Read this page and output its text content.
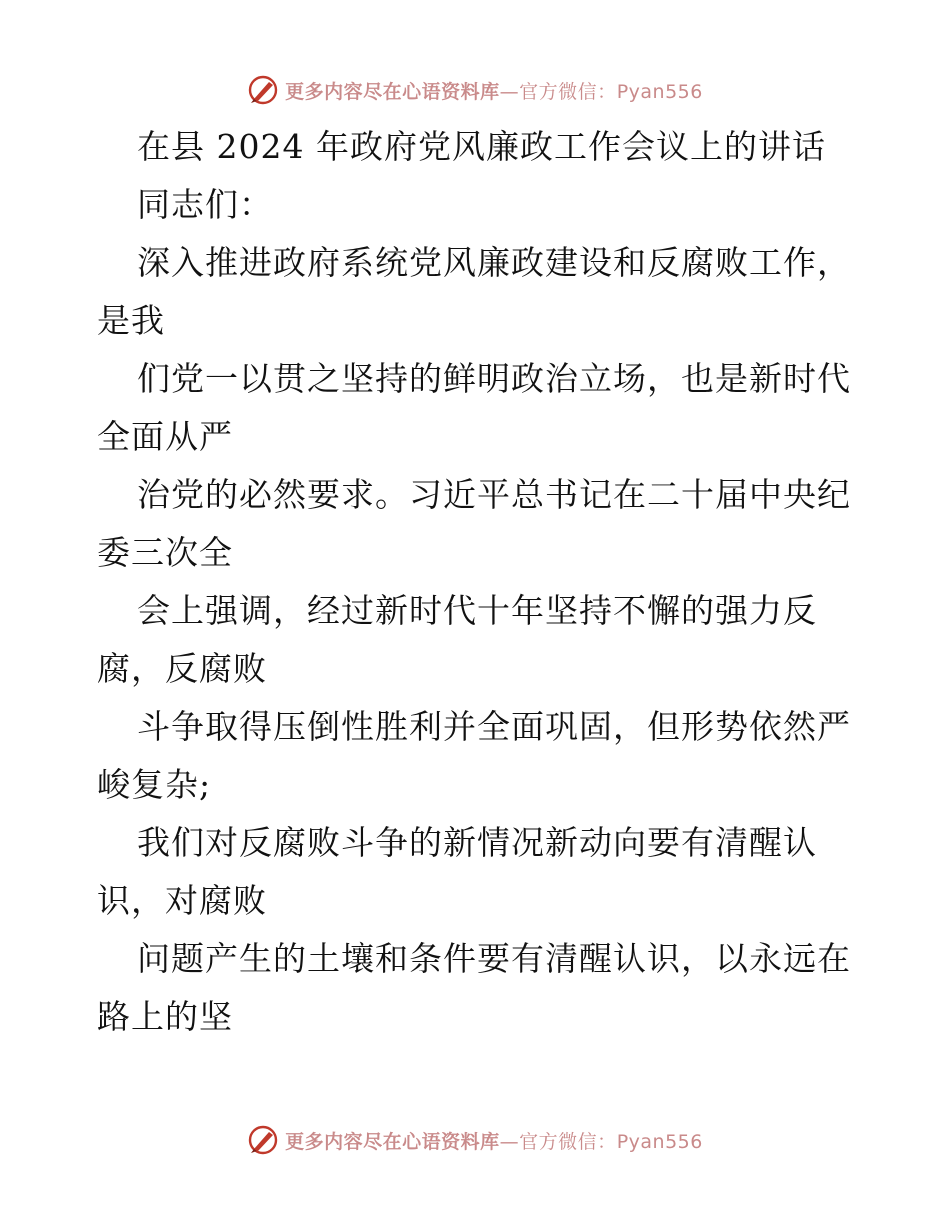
更多内容尽在心语资料库—官方微信：Pyan556
在县 2024 年政府党风廉政工作会议上的讲话
同志们：
深入推进政府系统党风廉政建设和反腐败工作，
是我
们党一以贯之坚持的鲜明政治立场，也是新时代
全面从严
治党的必然要求。习近平总书记在二十届中央纪
委三次全
会上强调，经过新时代十年坚持不懈的强力反
腐，反腐败
斗争取得压倒性胜利并全面巩固，但形势依然严
峻复杂;
我们对反腐败斗争的新情况新动向要有清醒认
识，对腐败
问题产生的土壤和条件要有清醒认识，以永远在
路上的坚
更多内容尽在心语资料库—官方微信：Pyan556
